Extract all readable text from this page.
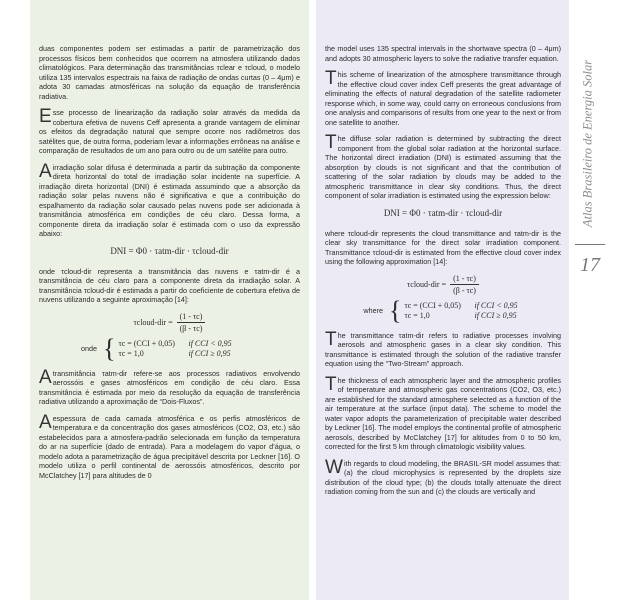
duas componentes podem ser estimadas a partir de parametrização dos processos físicos bem conhecidos que ocorrem na atmosfera utilizando dados climatológicos. Para determinação das transmitâncias τclear e τcloud, o modelo utiliza 135 intervalos espectrais na faixa de radiação de ondas curtas (0 – 4μm) e adota 30 camadas atmosféricas na solução da equação de transferência radiativa.

Esse processo de linearização da radiação solar através da medida da cobertura efetiva de nuvens Ceff apresenta a grande vantagem de eliminar os efeitos da degradação natural que sempre ocorre nos radiômetros dos satélites que, de outra forma, poderiam levar a informações errôneas na análise e comparação de resultados de um ano para outro ou de um satélite para outro.

A irradiação solar difusa é determinada a partir da subtração da componente direta horizontal do total de irradiação solar incidente na superfície. A irradiação direta horizontal (DNI) é estimada assumindo que a absorção da radiação solar pelas nuvens não é significativa e que a contribuição do espalhamento da radiação solar causado pelas nuvens pode ser adicionada à transmitância atmosférica em condições de céu claro. Dessa forma, a componente direta da irradiação solar é estimada com o uso da expressão abaixo:

DNI = Φ0 · τatm-dir · τcloud-dir

onde τcloud-dir representa a transmitância das nuvens e τatm-dir é a transmitância de céu claro para a componente direta da irradiação solar. A transmitância τcloud-dir é estimada a partir do coeficiente de cobertura efetiva de nuvens utilizando a seguinte aproximação [14]:

τcloud-dir = $\frac{(1 - \tau c)}{(\beta - \tau c)}$
onde { τc = (CCI + 0,05)	if CCI < 0,95
τc = 1,0	if CCI ≥ 0,95

A transmitância τatm-dir refere-se aos processos radiativos envolvendo aerossóis e gases atmosféricos em condição de céu claro. Essa transmitância é estimada por meio da resolução da equação de transferência radiativa utilizando a aproximação de “Dois-Fluxos”.

A espessura de cada camada atmosférica e os perfis atmosféricos de temperatura e da concentração dos gases atmosféricos (CO2, O3, etc.) são estabelecidos para a atmosfera-padrão selecionada em função da temperatura do ar na superfície (dado de entrada). Para a modelagem do vapor d’água, o modelo adota a parametrização de água precipitável descrita por Leckner [16]. O modelo utiliza o perfil continental de aerossóis atmosféricos, descrito por McClatchey [17] para altitudes de 0

the model uses 135 spectral intervals in the shortwave spectra (0 – 4μm) and adopts 30 atmospheric layers to solve the radiative transfer equation.

This scheme of linearization of the atmosphere transmittance through the effective cloud cover index Ceff presents the great advantage of eliminating the effects of natural degradation of the satellite radiometer response which, in some way, could carry on erroneous conclusions from one analysis and comparisons of results from one year to the next or from one satellite to another.

The diffuse solar radiation is determined by subtracting the direct component from the global solar radiation at the horizontal surface. The horizontal direct irradiation (DNI) is estimated assuming that the absorption by clouds is not significant and that the contribution of scattering of the solar radiation by clouds may be added to the atmospheric transmittance in clear sky conditions. Thus, the direct component of solar irradiation is estimated using the expression below:

DNI = Φ0 · τatm-dir · τcloud-dir

where τcloud-dir represents the cloud transmittance and τatm-dir is the clear sky transmittance for the direct solar irradiation component. Transmittance τcloud-dir is estimated from the effective cloud cover index using the following approximation [14]:

τcloud-dir = $\frac{(1 - \tau c)}{(\beta - \tau c)}$
where { τc = (CCI + 0,05)	if CCI < 0,95
τc = 1,0	if CCI ≥ 0,95

The transmittance τatm-dir refers to radiative processes involving aerosols and atmospheric gases in a clear sky condition. This transmittance is estimated through the solution of the radiative transfer equation using the “Two-Stream” approach.

The thickness of each atmospheric layer and the atmospheric profiles of temperature and atmospheric gas concentrations (CO2, O3, etc.) are established for the standard atmosphere selected as a function of the air temperature at the surface (input data). The scheme to model the water vapor adopts the parameterization of precipitable water described by Leckner [16]. The model employs the continental profile of atmospheric aerosols, described by McClatchey [17] for altitudes from 0 to 50 km, corrected for the first 5 km through climatologic visibility values.

With regards to cloud modeling, the BRASIL-SR model assumes that: (a) the cloud microphysics is represented by the droplets size distribution of the cloud type; (b) the clouds totally attenuate the direct radiation coming from the sun and (c) the clouds are vertically and

Atlas Brasileiro de Energia Solar
17
